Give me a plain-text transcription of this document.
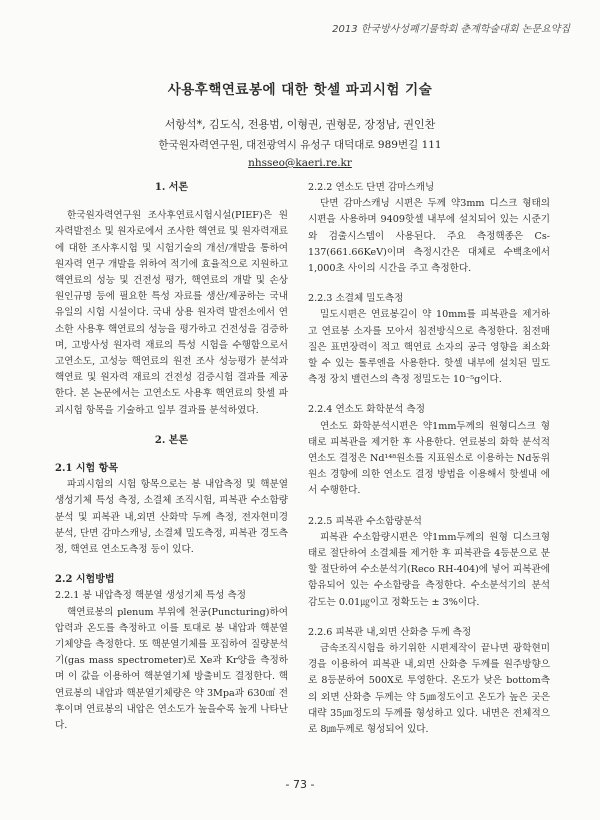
2013 한국방사성폐기물학회 춘계학술대회 논문요약집
사용후핵연료봉에 대한 핫셀 파괴시험 기술
서항석*, 김도식, 전용범, 이형권, 권형문, 장정남, 권인찬
한국원자력연구원, 대전광역시 유성구 대덕대로 989번길 111
nhsseo@kaeri.re.kr
1. 서론

한국원자력연구원 조사후연료시험시설(PIEF)은 원자력발전소 및 원자로에서 조사한 핵연료 및 원자력재료에 대한 조사후시험 및 시험기술의 개선/개발을 통하여 원자력 연구 개발을 위하여 적기에 효율적으로 지원하고 핵연료의 성능 및 건전성 평가, 핵연료의 개발 및 손상 원인규명 등에 필요한 특성 자료를 생산/제공하는 국내 유일의 시험 시설이다. 국내 상용 원자력 발전소에서 연소한 사용후 핵연료의 성능을 평가하고 건전성을 검증하며, 고방사성 원자력 재료의 특성 시험을 수행함으로서 고연소도, 고성능 핵연료의 원전 조사 성능평가 분석과 핵연료 및 원자력 재료의 건전성 검증시험 결과를 제공 한다. 본 논문에서는 고연소도 사용후 핵연료의 핫셀 파괴시험 항목을 기술하고 일부 결과를 분석하였다.

2. 본론
2.1 시험 항목

파괴시험의 시험 항목으로는 봉 내압측정 및 핵분열 생성기체 특성 측정, 소결체 조직시험, 피복관 수소함량 분석 및 피복관 내,외면 산화막 두께 측정, 전자현미경 분석, 단면 감마스캐닝, 소결체 밀도측정, 피복관 경도측정, 핵연료 연소도측정 등이 있다.

2.2 시험방법
2.2.1 봉 내압측정 핵분열 생성기체 특성 측정

핵연료봉의 plenum 부위에 천공(Puncturing)하여 압력과 온도를 측정하고 이를 토대로 봉 내압과 핵분열 기체양을 측정한다. 또 핵분열기체를 포집하여 질량분석기(gas mass spectrometer)로 Xe과 Kr양을 측정하며 이 값을 이용하여 핵분열기체 방출비도 결정한다. 핵연료봉의 내압과 핵분열기체량은 약 3Mpa과 630㎤ 전후이며 연료봉의 내압은 연소도가 높을수록 높게 나타난다.

2.2.2 연소도 단면 감마스캐닝

단면 감마스캐닝 시편은 두께 약3mm 디스크 형태의 시편을 사용하며 9409핫셀 내부에 설치되어 있는 시준기와 검출시스템이 사용된다. 주요 측정핵종은 Cs-137(661.66KeV)이며 측정시간은 대체로 수백초에서 1,000초 사이의 시간을 주고 측정한다.

2.2.3 소결체 밀도측정

밀도시편은 연료봉길이 약 10mm를 피복관을 제거하고 연료봉 소자를 모아서 침전방식으로 측정한다. 침전매질은 표면장력이 적고 핵연료 소자의 공극 영향을 최소화 할 수 있는 톨루엔을 사용한다. 핫셀 내부에 설치된 밀도 측정 장치 밸런스의 측정 정밀도는 10⁻⁵g이다.

2.2.4 연소도 화학분석 측정

연소도 화학분석시편은 약1mm두께의 원형디스크 형태로 피복관을 제거한 후 사용한다. 연료봉의 화학 분석적 연소도 결정은 Nd¹⁴⁸원소를 지표원소로 이용하는 Nd동위원소 경향에 의한 연소도 결정 방법을 이용해서 핫셀내 에서 수행한다.

2.2.5 피복관 수소함량분석

피복관 수소함량시편은 약1mm두께의 원형 디스크형태로 절단하여 소결체를 제거한 후 피복관을 4등분으로 분할 절단하여 수소분석기(Reco RH-404)에 넣어 피복관에 함유되어 있는 수소함량을 측정한다. 수소분석기의 분석 감도는 0.01㎍이고 정확도는 ± 3%이다.

2.2.6 피복관 내,외면 산화층 두께 측정

금속조직시험을 하기위한 시편제작이 끝나면 광학현미경을 이용하여 피복관 내,외면 산화층 두께를 원주방향으로 8등분하여 500X로 투영한다. 온도가 낮은 bottom측의 외면 산화층 두께는 약 5㎛정도이고 온도가 높은 곳은 대략 35㎛정도의 두께를 형성하고 있다. 내면은 전체적으로 8㎛두께로 형성되어 있다.

- 73 -
